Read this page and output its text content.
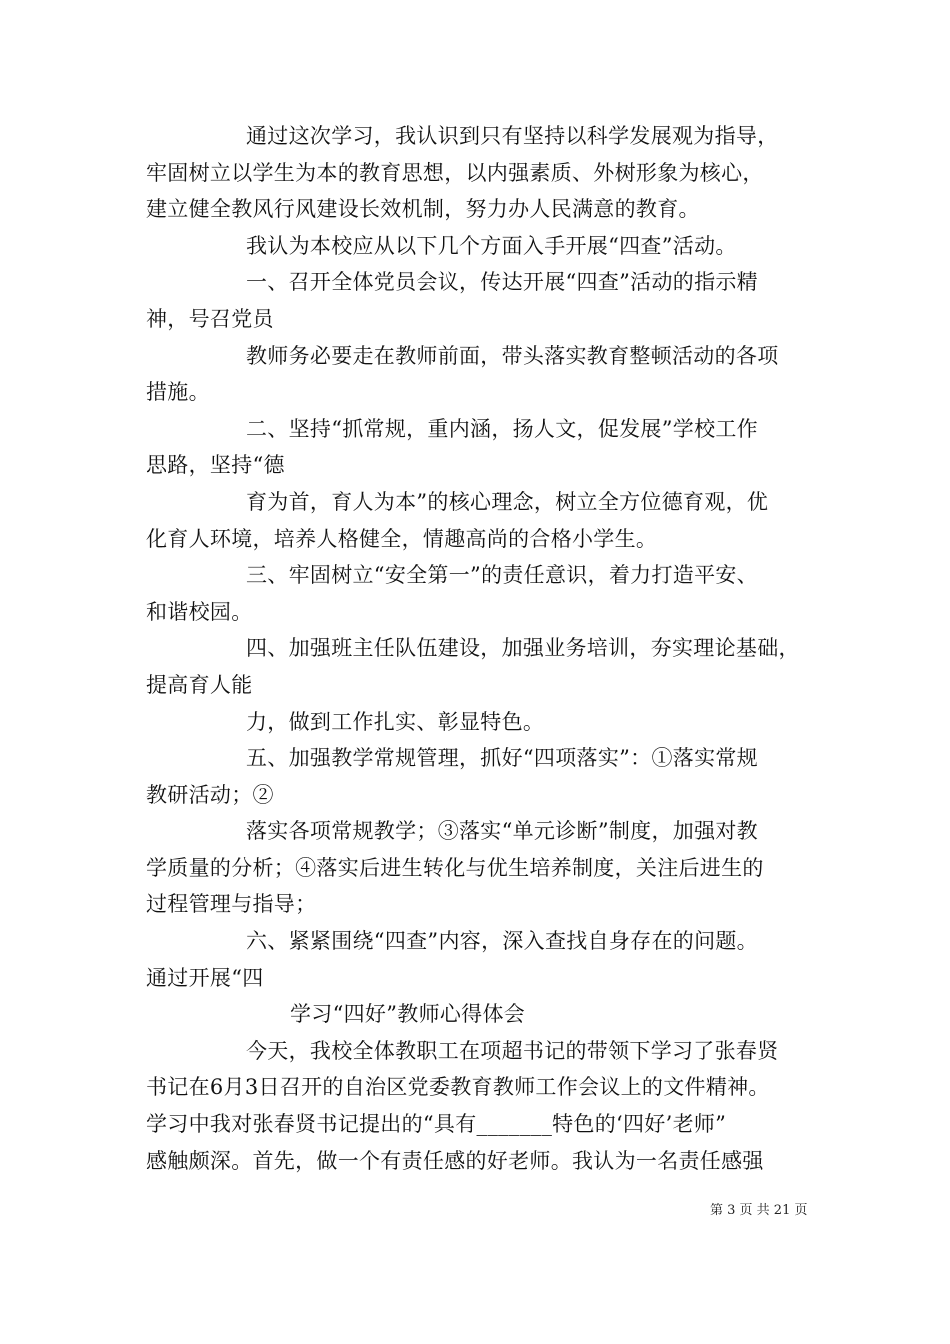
通过这次学习，我认识到只有坚持以科学发展观为指导，
牢固树立以学生为本的教育思想，以内强素质、外树形象为核心，
建立健全教风行风建设长效机制，努力办人民满意的教育。
我认为本校应从以下几个方面入手开展“四查”活动。
一、召开全体党员会议，传达开展“四查”活动的指示精
神，号召党员
教师务必要走在教师前面，带头落实教育整顿活动的各项
措施。
二、坚持“抓常规，重内涵，扬人文，促发展”学校工作
思路，坚持“德
育为首，育人为本”的核心理念，树立全方位德育观，优
化育人环境，培养人格健全，情趣高尚的合格小学生。
三、牢固树立“安全第一”的责任意识，着力打造平安、
和谐校园。
四、加强班主任队伍建设，加强业务培训，夯实理论基础，
提高育人能
力，做到工作扎实、彰显特色。
五、加强教学常规管理，抓好“四项落实”：①落实常规
教研活动；②
落实各项常规教学；③落实“单元诊断”制度，加强对教
学质量的分析；④落实后进生转化与优生培养制度，关注后进生的
过程管理与指导；
六、紧紧围绕“四查”内容，深入查找自身存在的问题。
通过开展“四
学习“四好”教师心得体会
今天，我校全体教职工在项超书记的带领下学习了张春贤
书记在6月3日召开的自治区党委教育教师工作会议上的文件精神。
学习中我对张春贤书记提出的“具有_______特色的‘四好’老师”
感触颇深。首先，做一个有责任感的好老师。我认为一名责任感强
第 3 页 共 21 页
